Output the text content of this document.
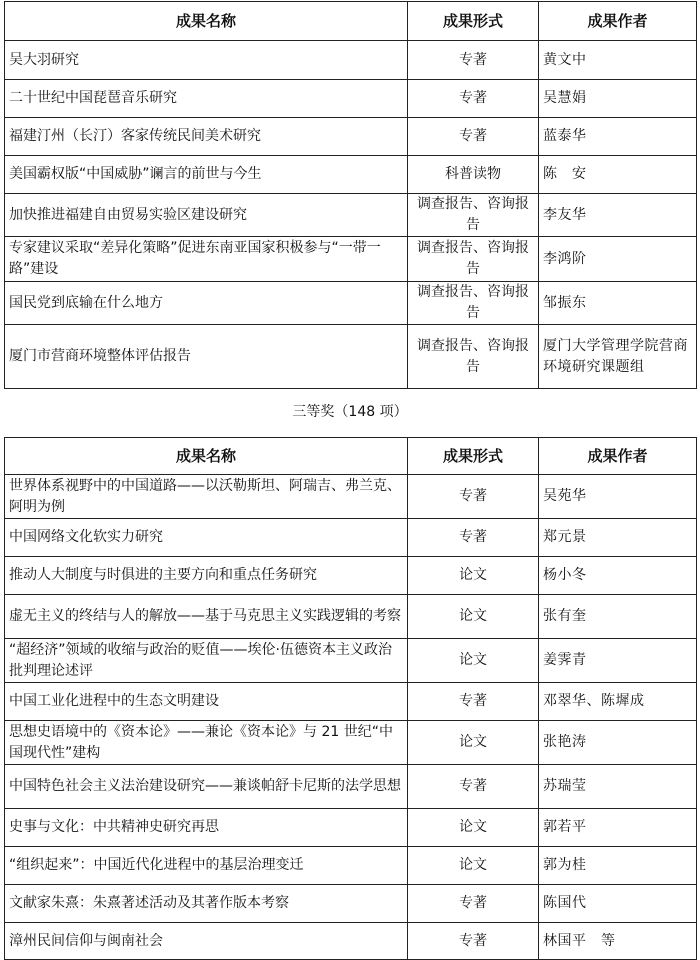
成果名称	成果形式	成果作者
吴大羽研究	专著	黄文中
二十世纪中国琵琶音乐研究	专著	吴慧娟
福建汀州（长汀）客家传统民间美术研究	专著	蓝泰华
美国霸权版“中国威胁”谰言的前世与今生	科普读物	陈　安
加快推进福建自由贸易实验区建设研究	调查报告、咨询报告	李友华
专家建议采取“差异化策略”促进东南亚国家积极参与“一带一路”建设	调查报告、咨询报告	李鸿阶
国民党到底输在什么地方	调查报告、咨询报告	邹振东
厦门市营商环境整体评估报告	调查报告、咨询报告	厦门大学管理学院营商环境研究课题组
三等奖（148 项）
成果名称	成果形式	成果作者
世界体系视野中的中国道路——以沃勒斯坦、阿瑞吉、弗兰克、阿明为例	专著	吴苑华
中国网络文化软实力研究	专著	郑元景
推动人大制度与时俱进的主要方向和重点任务研究	论文	杨小冬
虚无主义的终结与人的解放——基于马克思主义实践逻辑的考察	论文	张有奎
“超经济”领域的收缩与政治的贬值——埃伦·伍德资本主义政治批判理论述评	论文	姜霁青
中国工业化进程中的生态文明建设	专著	邓翠华、陈墀成
思想史语境中的《资本论》——兼论《资本论》与 21 世纪“中国现代性”建构	论文	张艳涛
中国特色社会主义法治建设研究——兼谈帕舒卡尼斯的法学思想	专著	苏瑞莹
史事与文化：中共精神史研究再思	论文	郭若平
“组织起来”：中国近代化进程中的基层治理变迁	论文	郭为桂
文献家朱熹：朱熹著述活动及其著作版本考察	专著	陈国代
漳州民间信仰与闽南社会	专著	林国平　等
